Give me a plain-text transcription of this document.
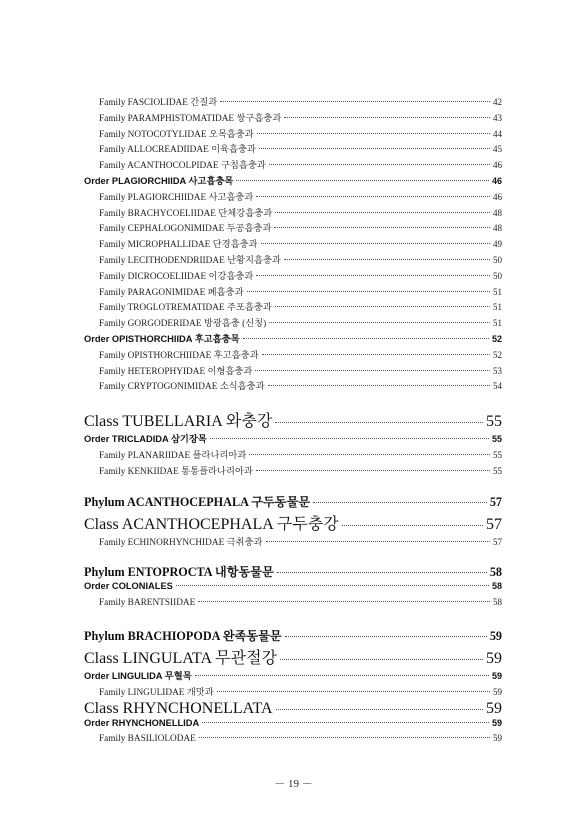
Family FASCIOLIDAE 간질과	42
Family PARAMPHISTOMATIDAE 쌍구흡충과	43
Family NOTOCOTYLIDAE 오목흡충과	44
Family ALLOCREADIIDAE 이육흡충과	45
Family ACANTHOCOLPIDAE 구침흡충과	46
Order PLAGIORCHIIDA 사고흡충목	46
Family PLAGIORCHIIDAE 사고흡충과	46
Family BRACHYCOELIIDAE 단체강흡충과	48
Family CEPHALOGONIMIDAE 두공흡충과	48
Family MICROPHALLIDAE 단경흡충과	49
Family LECITHODENDRIIDAE 난황지흡충과	50
Family DICROCOELIIDAE 이강흡충과	50
Family PARAGONIMIDAE 폐흡충과	51
Family TROGLOTREMATIDAE 주포흡충과	51
Family GORGODERIDAE 방광흡충 (신칭)	51
Order OPISTHORCHIIDA 후고흡충목	52
Family OPISTHORCHIIDAE 후고흡충과	52
Family HETEROPHYIDAE 이형흡충과	53
Family CRYPTOGONIMIDAE 소식흡충과	54
Class TUBELLARIA 와충강	55
Order TRICLADIDA 삼기장목	55
Family PLANARIIDAE 플라나리아과	55
Family KENKIIDAE 통통플라나리아과	55
Phylum ACANTHOCEPHALA 구두동물문	57
Class ACANTHOCEPHALA 구두충강	57
Family ECHINORHYNCHIDAE 극취충과	57
Phylum ENTOPROCTA 내항동물문	58
Order COLONIALES	58
Family BARENTSIIDAE	58
Phylum BRACHIOPODA 완족동물문	59
Class LINGULATA 무관절강	59
Order LINGULIDA 무혈목	59
Family LINGULIDAE 개맛과	59
Class RHYNCHONELLATA	59
Order RHYNCHONELLIDA	59
Family BASILIOLODAE	59
－ 19 －
